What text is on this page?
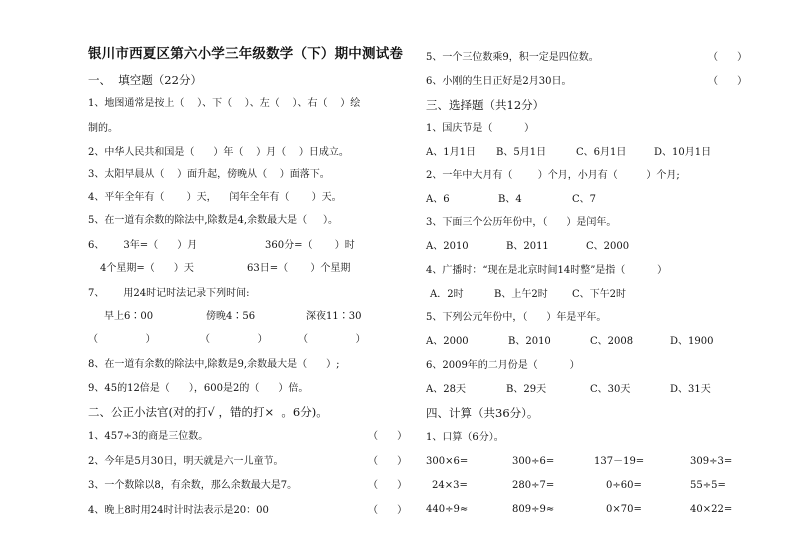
银川市西夏区第六小学三年级数学（下）期中测试卷
一、  填空题（22分）
1、地图通常是按上（    ）、下（    ）、左（    ）、右（    ）绘
制的。
2、中华人民共和国是（      ）年（    ）月（    ）日成立。
3、太阳早晨从（    ）面升起，傍晚从（    ）面落下。
4、平年全年有（       ）天，    闰年全年有（       ）天。
5、在一道有余数的除法中,除数是4,余数最大是（     ）。
6、      3年=（      ）月	360分=（       ）时
4个星期=（      ）天	63日=（       ）个星期
7、      用24时记时法记录下列时间:
早上6∶00	傍晚4∶56	深夜11∶30
（               ）	（               ）	（               ）
8、在一道有余数的除法中,除数是9,余数最大是（      ）;
9、45的12倍是（      ），600是2的（      ）倍。
二、公正小法官(对的打√ ，错的打×  。6分)。
1、457÷3的商是三位数。	（      ）
2、今年是5月30日，明天就是六一儿童节。	（      ）
3、一个数除以8，有余数，那么余数最大是7。	（      ）
4、晚上8时用24时计时法表示是20：00	（      ）
5、一个三位数乘9，积一定是四位数。	（      ）
6、小刚的生日正好是2月30日。	（      ）
三、选择题（共12分）
1、国庆节是（          ）
A、1月1日 B、5月1日	C、6月1日	D、10月1日
2、一年中大月有（        ）个月，小月有（         ）个月;
A、6	B、4	C、7
3、下面三个公历年份中，（      ）是闰年。
A、2010	B、2011	C、2000
4、广播时：“现在是北京时间14时整”是指（          ）
A．2时	B、上午2时 C、下午2时
5、下列公元年份中，（      ）年是平年。
A、2000	B、2010	C、2008	D、1900
6、2009年的二月份是（          ）
A、28天	B、29天	C、30天	D、31天
四、计算（共36分）。
1、口算（6分）。
300×6=	300÷6=	137－19=	309÷3=
24×3=	280÷7=	0÷60=	55÷5=
440÷9≈	809÷9≈	0×70=	40×22=
